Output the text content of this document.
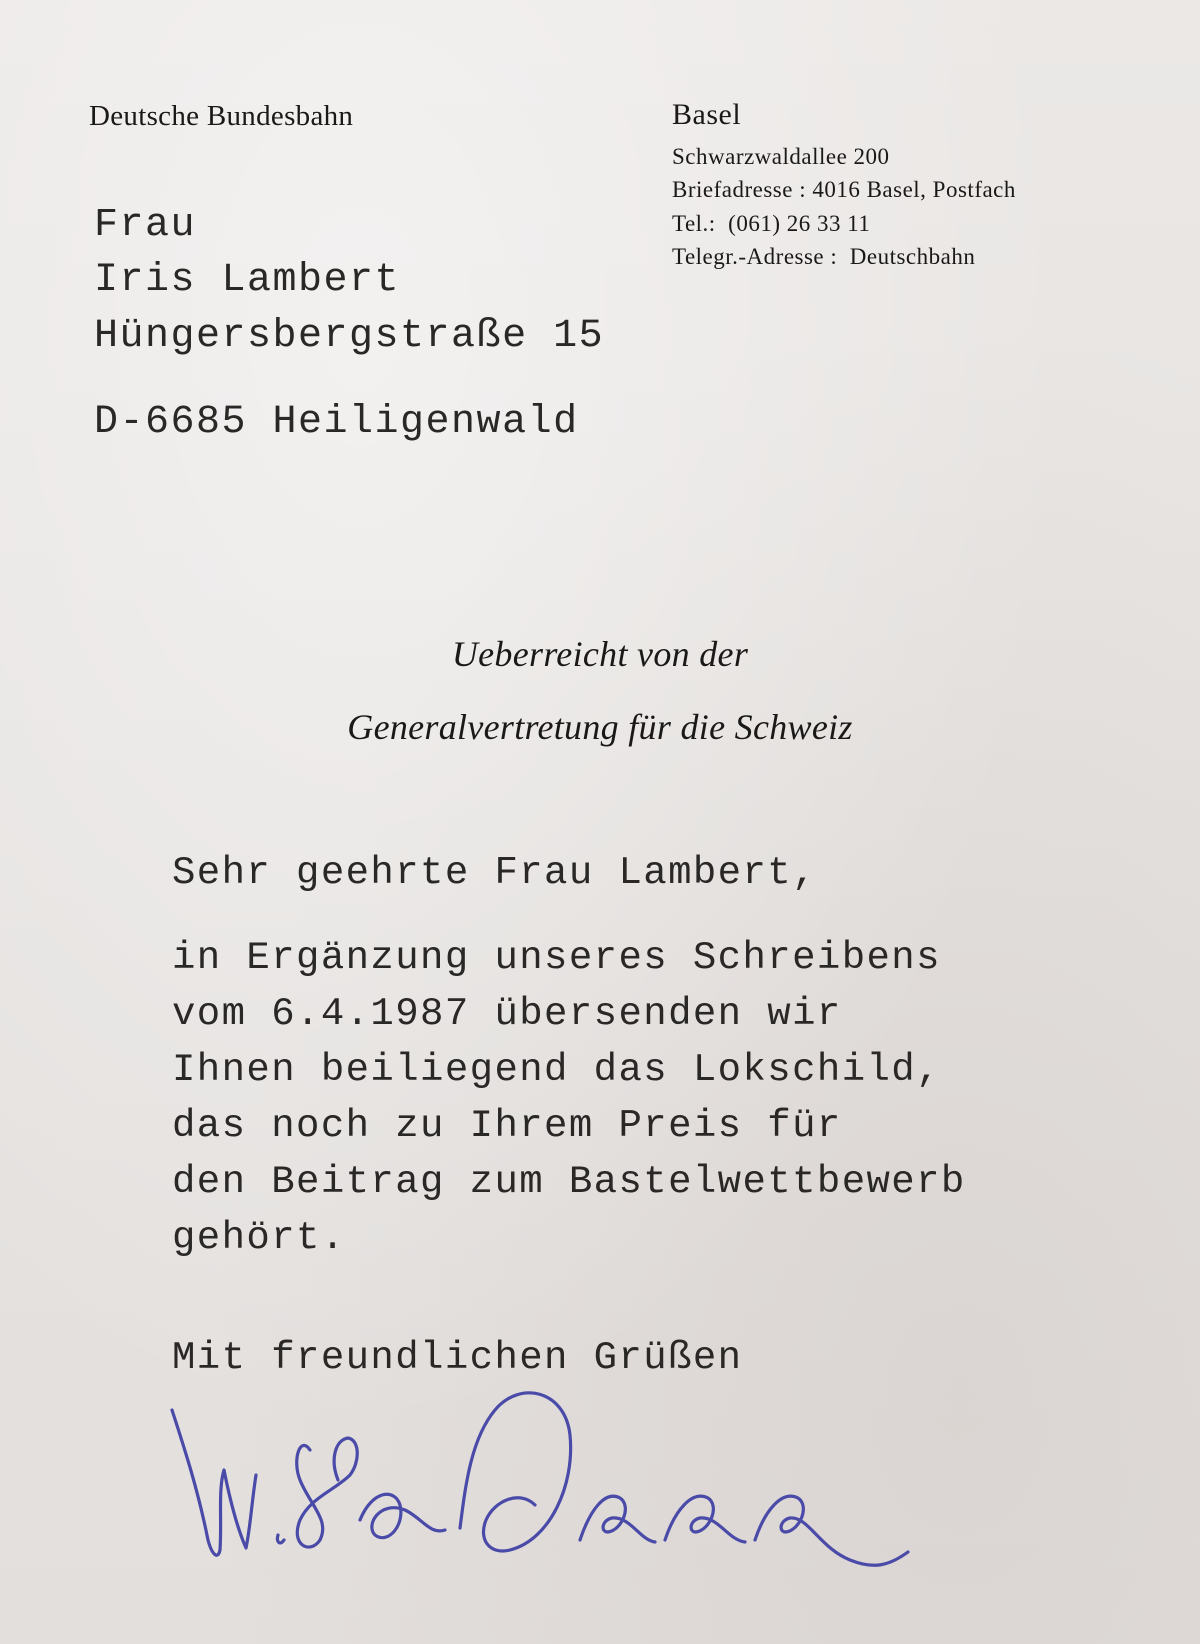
Deutsche Bundesbahn	Basel
Schwarzwaldallee 200
Briefadresse : 4016 Basel, Postfach
Tel.:  (061) 26 33 11
Telegr.-Adresse :  Deutschbahn
Frau
Iris Lambert
Hüngersbergstraße 15
D-6685 Heiligenwald
Ueberreicht von der
Generalvertretung für die Schweiz
Sehr geehrte Frau Lambert,
in Ergänzung unseres Schreibens
vom 6.4.1987 übersenden wir
Ihnen beiliegend das Lokschild,
das noch zu Ihrem Preis für
den Beitrag zum Bastelwettbewerb
gehört.
Mit freundlichen Grüßen
